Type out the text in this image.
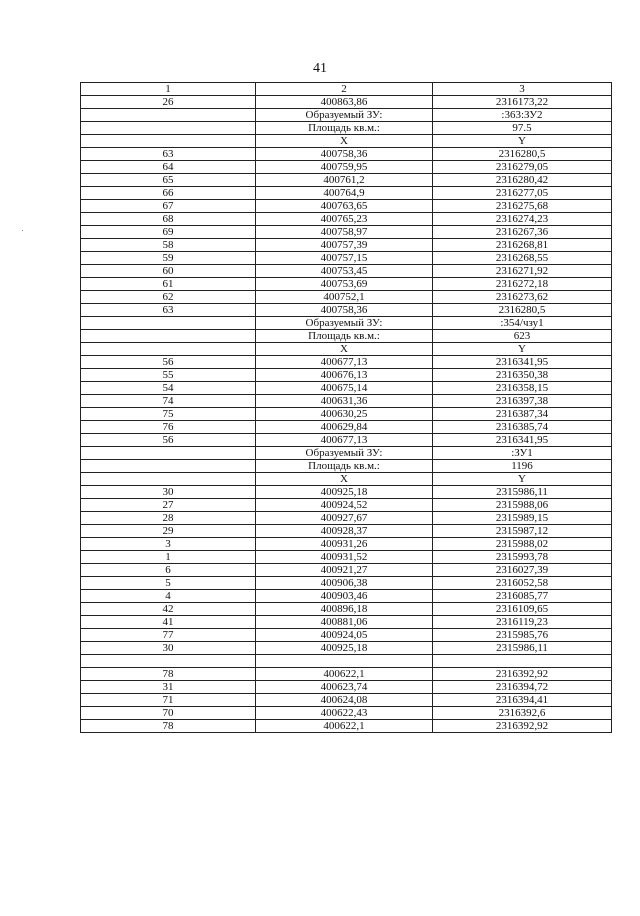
41
1	2	3
26	400863,86	2316173,22
	Образуемый ЗУ:	:363:ЗУ2
	Площадь кв.м.:	97.5
	X	Y
63	400758,36	2316280,5
64	400759,95	2316279,05
65	400761,2	2316280,42
66	400764,9	2316277,05
67	400763,65	2316275,68
68	400765,23	2316274,23
69	400758,97	2316267,36
58	400757,39	2316268,81
59	400757,15	2316268,55
60	400753,45	2316271,92
61	400753,69	2316272,18
62	400752,1	2316273,62
63	400758,36	2316280,5
	Образуемый ЗУ:	:354/чзу1
	Площадь кв.м.:	623
	X	Y
56	400677,13	2316341,95
55	400676,13	2316350,38
54	400675,14	2316358,15
74	400631,36	2316397,38
75	400630,25	2316387,34
76	400629,84	2316385,74
56	400677,13	2316341,95
	Образуемый ЗУ:	:ЗУ1
	Площадь кв.м.:	1196
	X	Y
30	400925,18	2315986,11
27	400924,52	2315988,06
28	400927,67	2315989,15
29	400928,37	2315987,12
3	400931,26	2315988,02
1	400931,52	2315993,78
6	400921,27	2316027,39
5	400906,38	2316052,58
4	400903,46	2316085,77
42	400896,18	2316109,65
41	400881,06	2316119,23
77	400924,05	2315985,76
30	400925,18	2315986,11

78	400622,1	2316392,92
31	400623,74	2316394,72
71	400624,08	2316394,41
70	400622,43	2316392,6
78	400622,1	2316392,92
